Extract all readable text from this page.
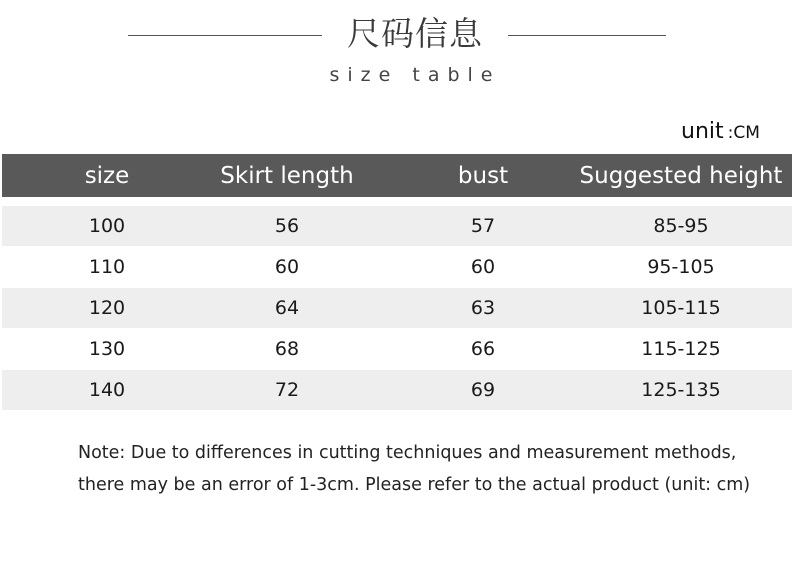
尺码信息
size table
unit :CM
size	Skirt length	bust	Suggested height
100	56	57	85-95
110	60	60	95-105
120	64	63	105-115
130	68	66	115-125
140	72	69	125-135
Note: Due to differences in cutting techniques and measurement methods,
there may be an error of 1-3cm. Please refer to the actual product (unit: cm)
